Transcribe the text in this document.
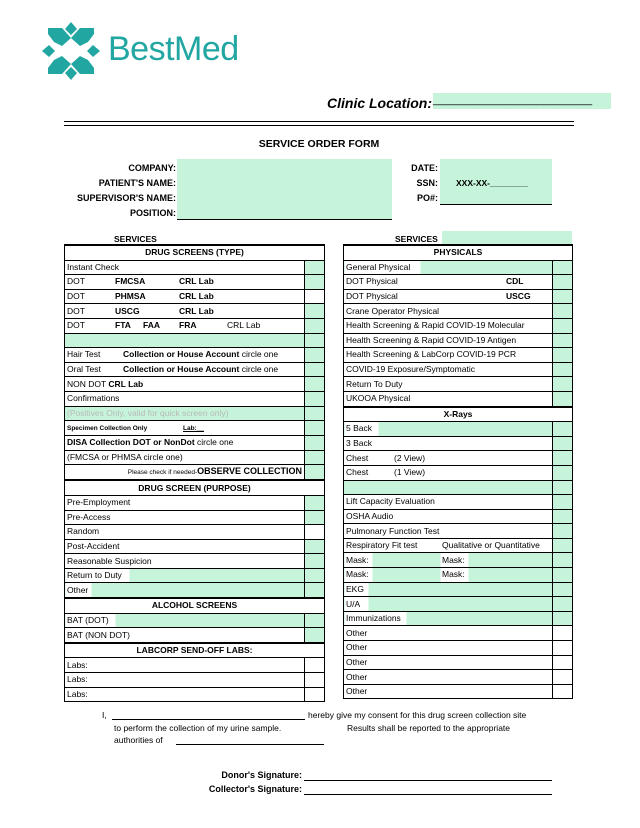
BestMed
Clinic Location: __________________________
SERVICE ORDER FORM
COMPANY:
PATIENT'S NAME:
SUPERVISOR'S NAME:
POSITION:
DATE:
SSN: XXX-XX-________
PO#:
SERVICES	SERVICES
DRUG SCREENS (TYPE)	
Instant Check	
DOT FMCSA CRL Lab	
DOT PHMSA CRL Lab	
DOT USCG CRL Lab	
DOT FTA FAA FRA CRL Lab	

Hair Test Collection or House Account circle one	
Oral Test Collection or House Account circle one	
NON DOT CRL Lab	
Confirmations	
(Positives Only, valid for quick screen only)	
Specimen Collection Only Lab:__	
DISA Collection DOT or NonDot circle one	
(FMCSA or PHMSA circle one)	
Please check if needed-OBSERVE COLLECTION	
DRUG SCREEN (PURPOSE)	
Pre-Employment	
Pre-Access	
Random	
Post-Accident	
Reasonable Suspicion	
Return to Duty	
Other	
ALCOHOL SCREENS	
BAT (DOT)	
BAT (NON DOT)	
LABCORP SEND-OFF LABS:	
Labs:	
Labs:	
Labs:	
PHYSICALS	
General Physical	
DOT Physical CDL	
DOT Physical USCG	
Crane Operator Physical	
Health Screening & Rapid COVID-19 Molecular	
Health Screening & Rapid COVID-19 Antigen	
Health Screening & LabCorp COVID-19 PCR	
COVID-19 Exposure/Symptomatic	
Return To Duty	
UKOOA Physical	
X-Rays	
5 Back	
3 Back	
Chest (2 View)	
Chest (1 View)	

Lift Capacity Evaluation	
OSHA Audio	
Pulmonary Function Test	
Respiratory Fit test Qualitative or Quantitative	
Mask: Mask:	
Mask: Mask:	
EKG	
U/A	
Immunizations	
Other	
Other	
Other	
Other	
Other	
I,	hereby give my consent for this drug screen collection site
to perform the collection of my urine sample.	Results shall be reported to the appropriate
authorities of
Donor's Signature:
Collector's Signature:
